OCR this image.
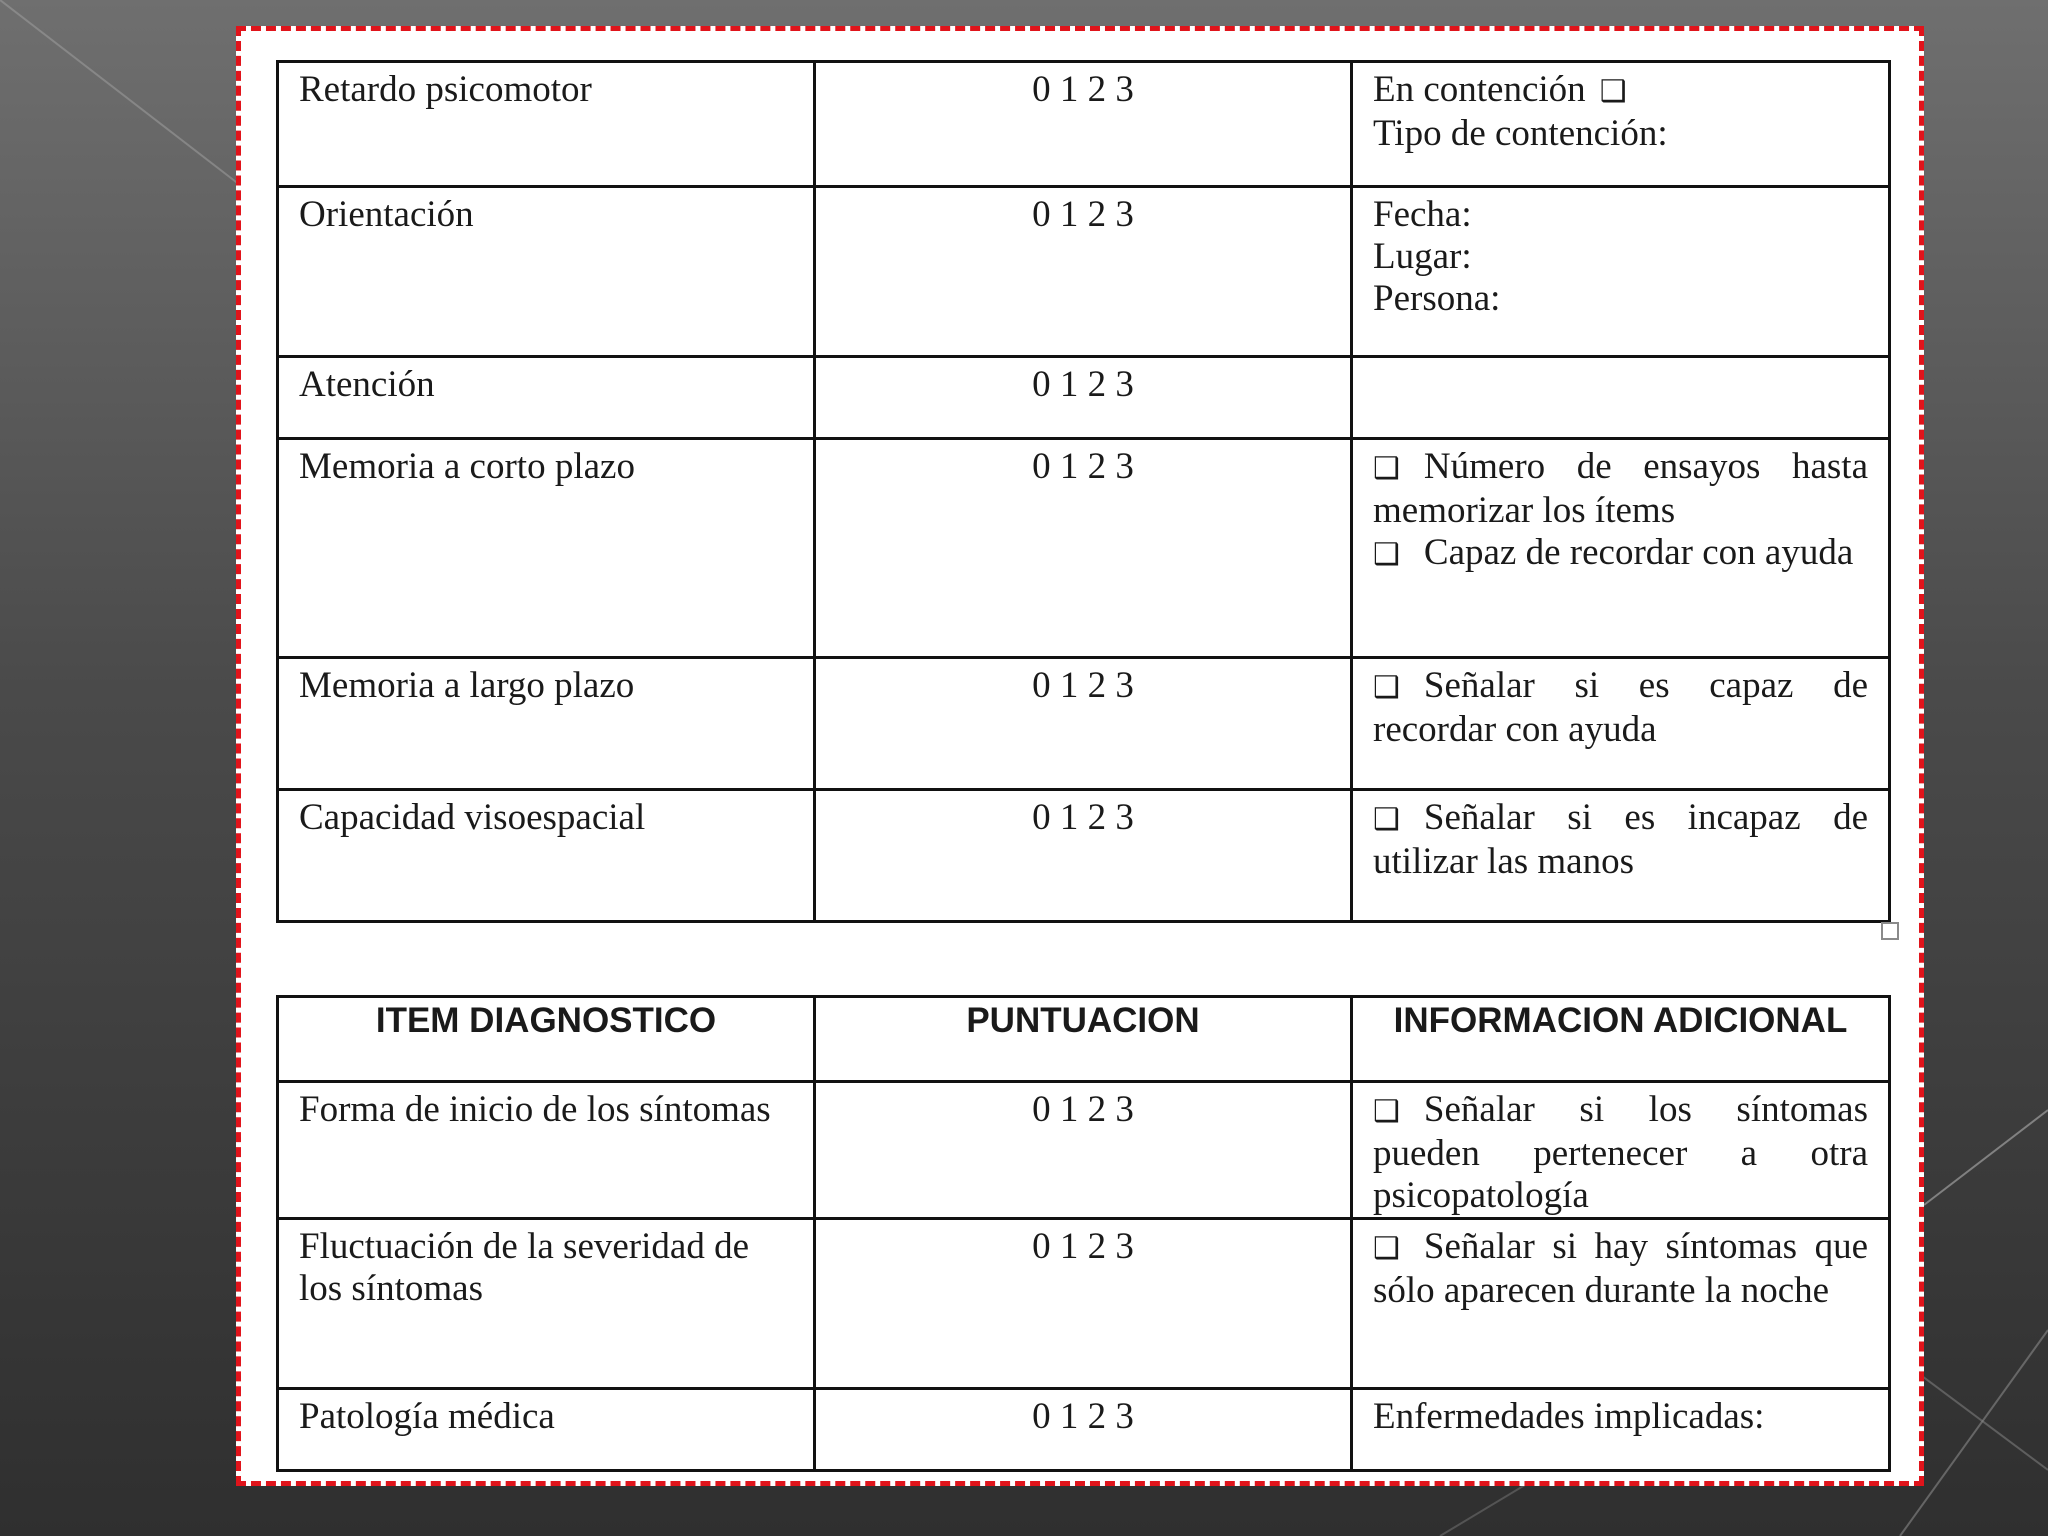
Retardo psicomotor	0 1 2 3	En contención ❑
Tipo de contención:

Orientación	0 1 2 3	Fecha:
Lugar:
Persona:

Atención	0 1 2 3	
Memoria a corto plazo	0 1 2 3	❑ Número de ensayos hasta memorizar los ítems
❑ Capaz de recordar con ayuda

Memoria a largo plazo	0 1 2 3	❑ Señalar si es capaz de recordar con ayuda

Capacidad visoespacial	0 1 2 3	❑ Señalar si es incapaz de utilizar las manos
ITEM DIAGNOSTICO	PUNTUACION	INFORMACION ADICIONAL
Forma de inicio de los síntomas	0 1 2 3	❑ Señalar si los síntomas pueden pertenecer a otra psicopatología

Fluctuación de la severidad de
los síntomas	0 1 2 3	❑ Señalar si hay síntomas que sólo aparecen durante la noche

Patología médica	0 1 2 3	Enfermedades implicadas:
